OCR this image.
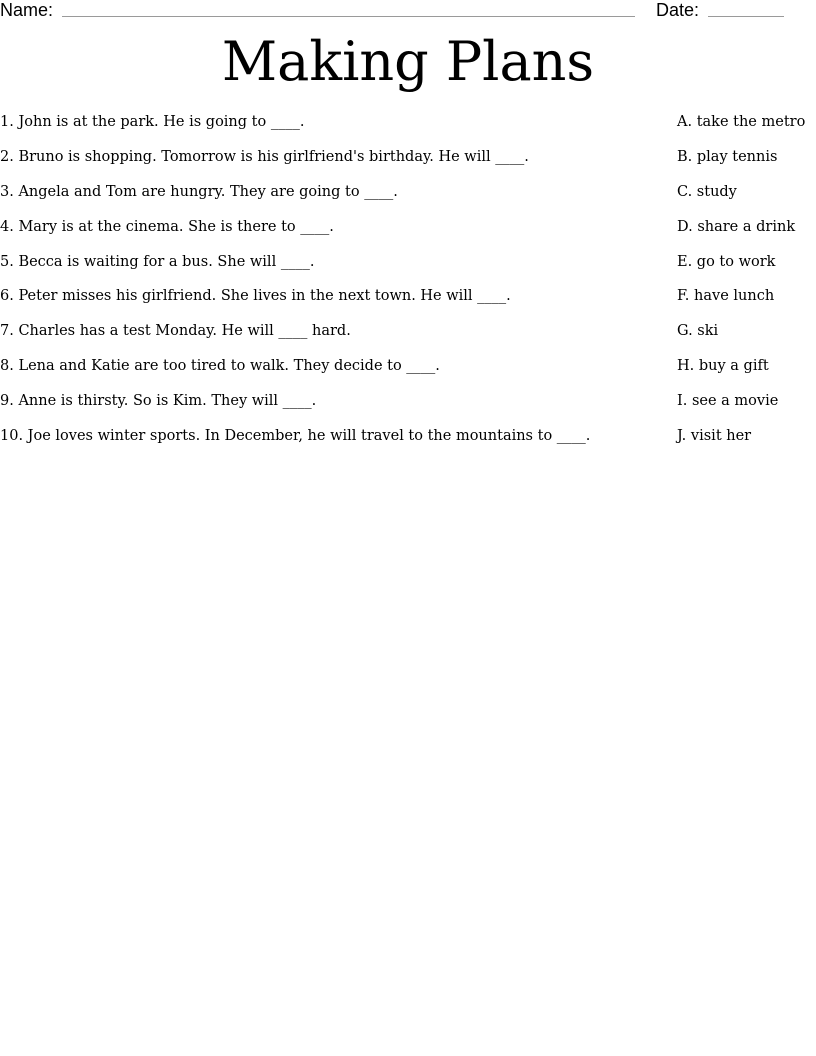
Name:	Date:
Making Plans
1. John is at the park. He is going to ____.
2. Bruno is shopping. Tomorrow is his girlfriend's birthday. He will ____.
3. Angela and Tom are hungry. They are going to ____.
4. Mary is at the cinema. She is there to ____.
5. Becca is waiting for a bus. She will ____.
6. Peter misses his girlfriend. She lives in the next town. He will ____.
7. Charles has a test Monday. He will ____ hard.
8. Lena and Katie are too tired to walk. They decide to ____.
9. Anne is thirsty. So is Kim. They will ____.
10. Joe loves winter sports. In December, he will travel to the mountains to ____.
A. take the metro
B. play tennis
C. study
D. share a drink
E. go to work
F. have lunch
G. ski
H. buy a gift
I. see a movie
J. visit her
